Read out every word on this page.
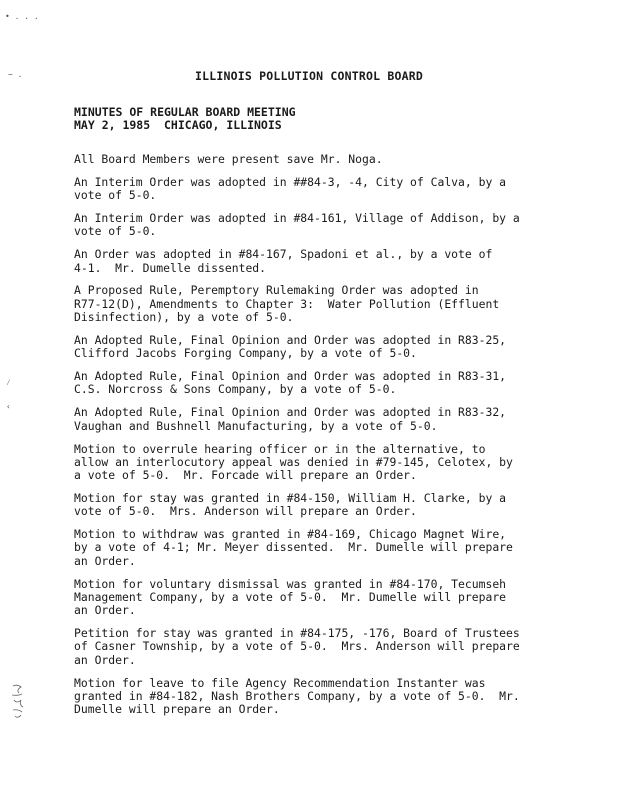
• . . .
~ .
⁄
‹
ILLINOIS POLLUTION CONTROL BOARD
MINUTES OF REGULAR BOARD MEETING
MAY 2, 1985  CHICAGO, ILLINOIS

All Board Members were present save Mr. Noga.

An Interim Order was adopted in ##84-3, -4, City of Calva, by a
vote of 5-0.

An Interim Order was adopted in #84-161, Village of Addison, by a
vote of 5-0.

An Order was adopted in #84-167, Spadoni et al., by a vote of
4-1.  Mr. Dumelle dissented.

A Proposed Rule, Peremptory Rulemaking Order was adopted in
R77-12(D), Amendments to Chapter 3:  Water Pollution (Effluent
Disinfection), by a vote of 5-0.

An Adopted Rule, Final Opinion and Order was adopted in R83-25,
Clifford Jacobs Forging Company, by a vote of 5-0.

An Adopted Rule, Final Opinion and Order was adopted in R83-31,
C.S. Norcross & Sons Company, by a vote of 5-0.

An Adopted Rule, Final Opinion and Order was adopted in R83-32,
Vaughan and Bushnell Manufacturing, by a vote of 5-0.

Motion to overrule hearing officer or in the alternative, to
allow an interlocutory appeal was denied in #79-145, Celotex, by
a vote of 5-0.  Mr. Forcade will prepare an Order.

Motion for stay was granted in #84-150, William H. Clarke, by a
vote of 5-0.  Mrs. Anderson will prepare an Order.

Motion to withdraw was granted in #84-169, Chicago Magnet Wire,
by a vote of 4-1; Mr. Meyer dissented.  Mr. Dumelle will prepare
an Order.

Motion for voluntary dismissal was granted in #84-170, Tecumseh
Management Company, by a vote of 5-0.  Mr. Dumelle will prepare
an Order.

Petition for stay was granted in #84-175, -176, Board of Trustees
of Casner Township, by a vote of 5-0.  Mrs. Anderson will prepare
an Order.

Motion for leave to file Agency Recommendation Instanter was
granted in #84-182, Nash Brothers Company, by a vote of 5-0.  Mr.
Dumelle will prepare an Order.
